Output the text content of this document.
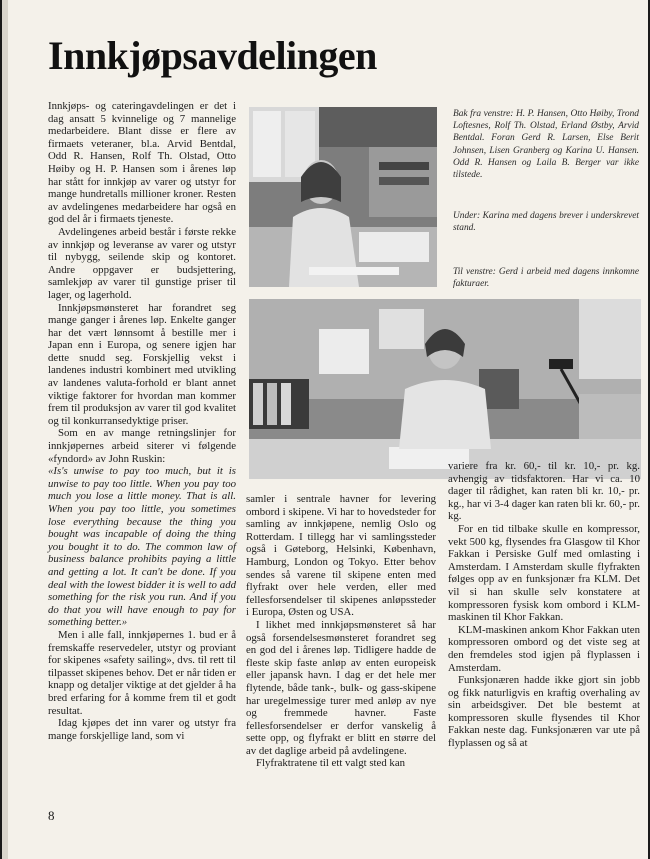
Innkjøpsavdelingen

Innkjøps- og cateringavdelingen er det i dag ansatt 5 kvinnelige og 7 mannelige medarbeidere. Blant disse er flere av firmaets veteraner, bl.a. Arvid Bentdal, Odd R. Hansen, Rolf Th. Olstad, Otto Høiby og H. P. Hansen som i årenes løp har stått for innkjøp av varer og utstyr for mange hundretalls millioner kroner. Resten av avdelingenes medarbeidere har også en god del år i firmaets tjeneste.

Avdelingenes arbeid består i første rekke av innkjøp og leveranse av varer og utstyr til nybygg, seilende skip og kontoret. Andre oppgaver er budsjettering, samlekjøp av varer til gunstige priser til lager, og lagerhold.

Innkjøpsmønsteret har forandret seg mange ganger i årenes løp. Enkelte ganger har det vært lønnsomt å bestille mer i Japan enn i Europa, og senere igjen har dette snudd seg. Forskjellig vekst i landenes industri kombinert med utvikling av landenes valuta-forhold er blant annet viktige faktorer for hvordan man kommer frem til produksjon av varer til god kvalitet og til konkurransedyktige priser.

Som en av mange retningslinjer for innkjøpernes arbeid siterer vi følgende «fyndord» av John Ruskin:

«Is's unwise to pay too much, but it is unwise to pay too little. When you pay too much you lose a little money. That is all. When you pay too little, you sometimes lose everything because the thing you bought was incapable of doing the thing you bought it to do. The common law of business balance prohibits paying a little and getting a lot. It can't be done. If you deal with the lowest bidder it is well to add something for the risk you run. And if you do that you will have enough to pay for something better.»

Men i alle fall, innkjøpernes 1. bud er å fremskaffe reservedeler, utstyr og proviant for skipenes «safety sailing», dvs. til rett til tilpasset skipenes behov. Det er når tiden er knapp og detaljer viktige at det gjelder å ha bred erfaring for å komme frem til et godt resultat.

Idag kjøpes det inn varer og utstyr fra mange forskjellige land, som vi

Bak fra venstre: H. P. Hansen, Otto Høiby, Trond Loftesnes, Rolf Th. Olstad, Erland Østby, Arvid Bentdal. Foran Gerd R. Larsen, Else Berit Johnsen, Lisen Granberg og Karina U. Hansen. Odd R. Hansen og Laila B. Berger var ikke tilstede.
Under: Karina med dagens brever i underskrevet stand.
Til venstre: Gerd i arbeid med dagens innkomne fakturaer.

samler i sentrale havner for levering ombord i skipene. Vi har to hovedsteder for samling av innkjøpene, nemlig Oslo og Rotterdam. I tillegg har vi samlingssteder også i Gøteborg, Helsinki, København, Hamburg, London og Tokyo. Etter behov sendes så varene til skipene enten med flyfrakt over hele verden, eller med fellesforsendelser til skipenes anløpssteder i Europa, Østen og USA.

I likhet med innkjøpsmønsteret så har også forsendelsesmønsteret forandret seg en god del i årenes løp. Tidligere hadde de fleste skip faste anløp av enten europeisk eller japansk havn. I dag er det hele mer flytende, både tank-, bulk- og gass-skipene har uregelmessige turer med anløp av nye og fremmede havner. Faste fellesforsendelser er derfor vanskelig å sette opp, og flyfrakt er blitt en større del av det daglige arbeid på avdelingene.

Flyfraktratene til ett valgt sted kan

variere fra kr. 60,- til kr. 10,- pr. kg. avhengig av tidsfaktoren. Har vi ca. 10 dager til rådighet, kan raten bli kr. 10,- pr. kg., har vi 3-4 dager kan raten bli kr. 60,- pr. kg.

For en tid tilbake skulle en kompressor, vekt 500 kg, flysendes fra Glasgow til Khor Fakkan i Persiske Gulf med omlasting i Amsterdam. I Amsterdam skulle flyfrakten følges opp av en funksjonær fra KLM. Det vil si han skulle selv konstatere at kompressoren fysisk kom ombord i KLM-maskinen til Khor Fakkan.

KLM-maskinen ankom Khor Fakkan uten kompressoren ombord og det viste seg at den fremdeles stod igjen på flyplassen i Amsterdam.

Funksjonæren hadde ikke gjort sin jobb og fikk naturligvis en kraftig overhaling av sin arbeidsgiver. Det ble bestemt at kompressoren skulle flysendes til Khor Fakkan neste dag. Funksjonæren var ute på flyplassen og så at

8
